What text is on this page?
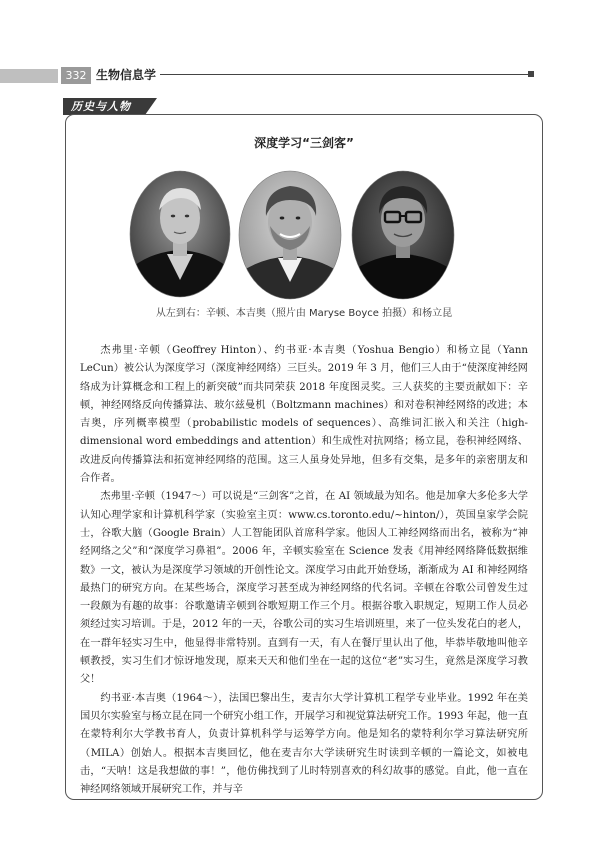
332 生物信息学
历史与人物
深度学习“三剑客”
从左到右：辛顿、本吉奥（照片由 Maryse Boyce 拍摄）和杨立昆

杰弗里·辛顿（Geoffrey Hinton）、约书亚·本吉奥（Yoshua Bengio）和杨立昆（Yann LeCun）被公认为深度学习（深度神经网络）三巨头。2019 年 3 月，他们三人由于“使深度神经网络成为计算概念和工程上的新突破”而共同荣获 2018 年度图灵奖。三人获奖的主要贡献如下：辛顿，神经网络反向传播算法、玻尔兹曼机（Boltzmann machines）和对卷积神经网络的改进；本吉奥，序列概率模型（probabilistic models of sequences）、高维词汇嵌入和关注（high-dimensional word embeddings and attention）和生成性对抗网络；杨立昆，卷积神经网络、改进反向传播算法和拓宽神经网络的范围。这三人虽身处异地，但多有交集，是多年的亲密朋友和合作者。

杰弗里·辛顿（1947～）可以说是“三剑客”之首，在 AI 领域最为知名。他是加拿大多伦多大学认知心理学家和计算机科学家（实验室主页：www.cs.toronto.edu/~hinton/），英国皇家学会院士，谷歌大脑（Google Brain）人工智能团队首席科学家。他因人工神经网络而出名，被称为“神经网络之父”和“深度学习鼻祖”。2006 年，辛顿实验室在 Science 发表《用神经网络降低数据维数》一文，被认为是深度学习领域的开创性论文。深度学习由此开始登场，渐渐成为 AI 和神经网络最热门的研究方向。在某些场合，深度学习甚至成为神经网络的代名词。辛顿在谷歌公司曾发生过一段颇为有趣的故事：谷歌邀请辛顿到谷歌短期工作三个月。根据谷歌入职规定，短期工作人员必须经过实习培训。于是，2012 年的一天，谷歌公司的实习生培训班里，来了一位头发花白的老人，在一群年轻实习生中，他显得非常特别。直到有一天，有人在餐厅里认出了他，毕恭毕敬地叫他辛顿教授，实习生们才惊讶地发现，原来天天和他们坐在一起的这位“老”实习生，竟然是深度学习教父！

约书亚·本吉奥（1964～），法国巴黎出生，麦吉尔大学计算机工程学专业毕业。1992 年在美国贝尔实验室与杨立昆在同一个研究小组工作，开展学习和视觉算法研究工作。1993 年起，他一直在蒙特利尔大学教书育人，负责计算机科学与运筹学方向。他是知名的蒙特利尔学习算法研究所（MILA）创始人。根据本吉奥回忆，他在麦吉尔大学读研究生时读到辛顿的一篇论文，如被电击，“天呐！这是我想做的事！”，他仿佛找到了儿时特别喜欢的科幻故事的感觉。自此，他一直在神经网络领域开展研究工作，并与辛
